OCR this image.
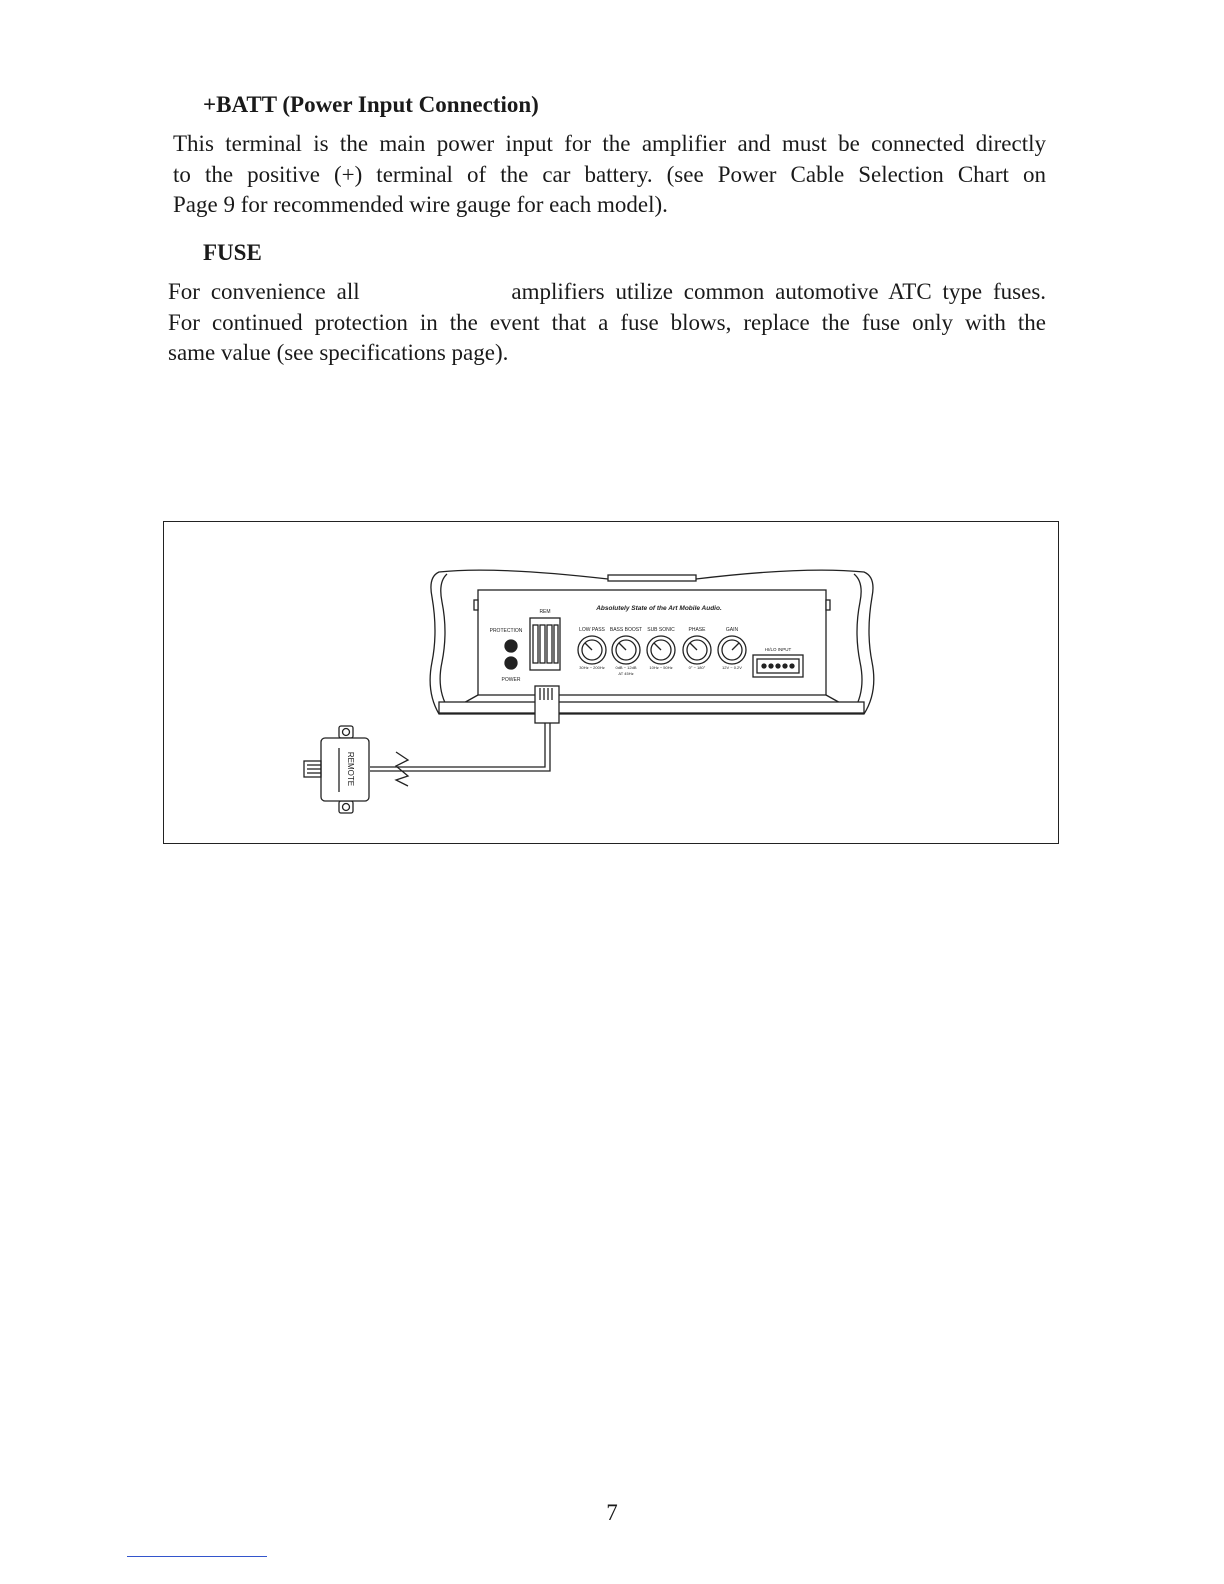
+BATT (Power Input Connection)
This terminal is the main power input for the amplifier and must be connected directly
to the positive (+) terminal of the car battery. (see Power Cable Selection Chart on
Page 9 for recommended wire gauge for each model).
FUSE
For convenience all	amplifiers utilize common automotive ATC type fuses.
For continued protection in the event that a fuse blows, replace the fuse only with the
same value (see specifications page).
Absolutely State of the Art Mobile Audio.
REM
PROTECTION
POWER
LOW PASS
30Hz ~ 200Hz
BASS BOOST
0dB ~ 12dB
AT 45Hz
SUB SONIC
10Hz ~ 50Hz
PHASE
0° ~ 180°
GAIN
12V ~ 0.2V
HI/LO INPUT
REMOTE
7
